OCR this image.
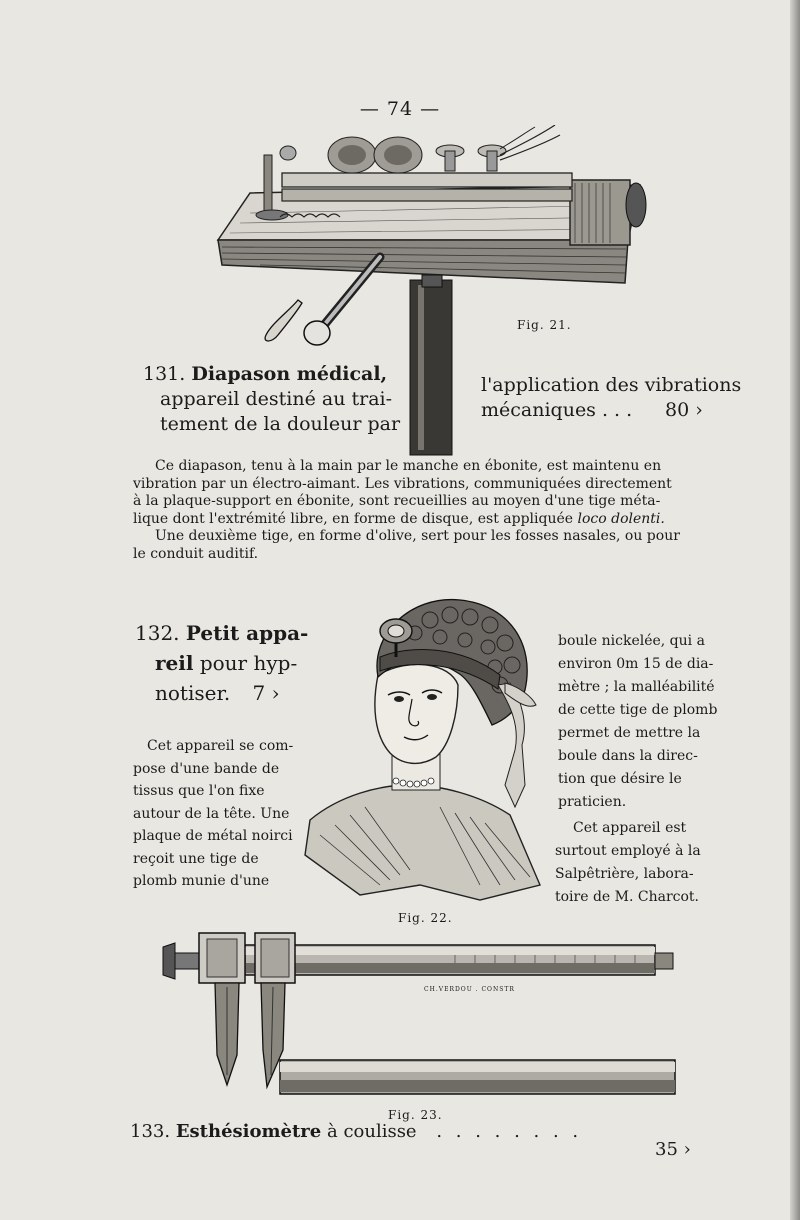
— 74 —
Fig. 21.
131. Diapason médical,
appareil destiné au trai-
tement de la douleur par
l'application des vibrations
mécaniques . . .	80 ›
Ce diapason, tenu à la main par le manche en ébonite, est maintenu en
vibration par un électro-aimant. Les vibrations, communiquées directement
à la plaque-support en ébonite, sont recueillies au moyen d'une tige méta-
lique dont l'extrémité libre, en forme de disque, est appliquée loco dolenti.
Une deuxième tige, en forme d'olive, sert pour les fosses nasales, ou pour
le conduit auditif.
132. Petit appa-
reil pour hyp-
notiser. 7 ›
Cet appareil se com-
pose d'une bande de
tissus que l'on fixe
autour de la tête. Une
plaque de métal noirci
reçoit une tige de
plomb munie d'une
Fig. 22.
boule nickelée, qui a
environ 0m 15 de dia-
mètre ; la malléabilité
de cette tige de plomb
permet de mettre la
boule dans la direc-
tion que désire le
praticien.
Cet appareil est
surtout employé à la
Salpêtrière, labora-
toire de M. Charcot.
CH.VERDOU . CONSTR
Fig. 23.
133. Esthésiomètre à coulisse . . . . . . . .
35 ›
